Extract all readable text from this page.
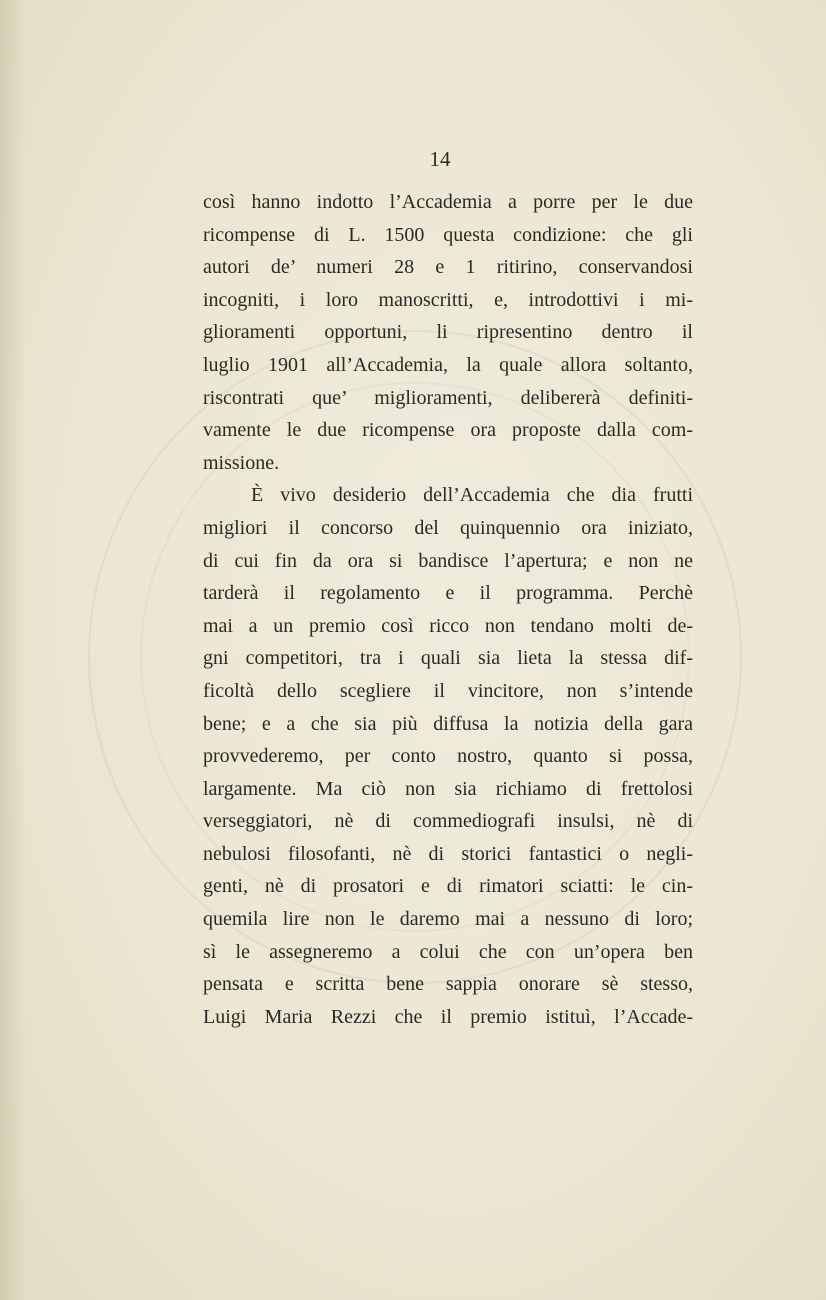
14
così hanno indotto l’Accademia a porre per le due
ricompense di L. 1500 questa condizione: che gli
autori de’ numeri 28 e 1 ritirino, conservandosi
incogniti, i loro manoscritti, e, introdottivi i mi-
glioramenti opportuni, li ripresentino dentro il
luglio 1901 all’Accademia, la quale allora soltanto,
riscontrati que’ miglioramenti, delibererà definiti-
vamente le due ricompense ora proposte dalla com-
missione.
È vivo desiderio dell’Accademia che dia frutti
migliori il concorso del quinquennio ora iniziato,
di cui fin da ora si bandisce l’apertura; e non ne
tarderà il regolamento e il programma. Perchè
mai a un premio così ricco non tendano molti de-
gni competitori, tra i quali sia lieta la stessa dif-
ficoltà dello scegliere il vincitore, non s’intende
bene; e a che sia più diffusa la notizia della gara
provvederemo, per conto nostro, quanto si possa,
largamente. Ma ciò non sia richiamo di frettolosi
verseggiatori, nè di commediografi insulsi, nè di
nebulosi filosofanti, nè di storici fantastici o negli-
genti, nè di prosatori e di rimatori sciatti: le cin-
quemila lire non le daremo mai a nessuno di loro;
sì le assegneremo a colui che con un’opera ben
pensata e scritta bene sappia onorare sè stesso,
Luigi Maria Rezzi che il premio istituì, l’Accade-
